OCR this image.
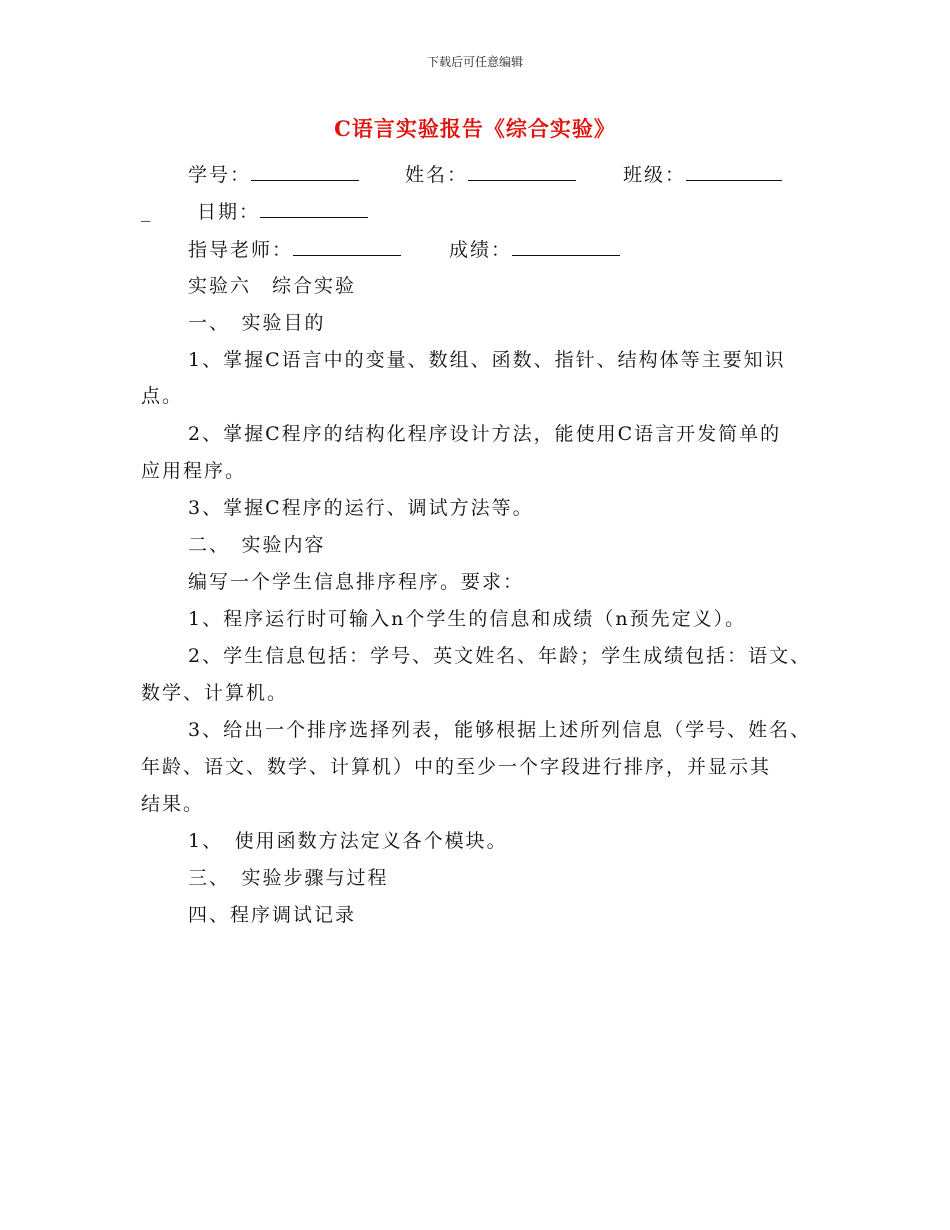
下载后可任意编辑
C语言实验报告《综合实验》
学号：	姓名：	班级：
_ 日期：
指导老师：	成绩：
实验六　综合实验
一、　实验目的
1、掌握C语言中的变量、数组、函数、指针、结构体等主要知识
点。
2、掌握C程序的结构化程序设计方法，能使用C语言开发简单的
应用程序。
3、掌握C程序的运行、调试方法等。
二、　实验内容
编写一个学生信息排序程序。要求：
1、程序运行时可输入n个学生的信息和成绩（n预先定义）。
2、学生信息包括：学号、英文姓名、年龄；学生成绩包括：语文、
数学、计算机。
3、给出一个排序选择列表，能够根据上述所列信息（学号、姓名、
年龄、语文、数学、计算机）中的至少一个字段进行排序，并显示其
结果。
1、　使用函数方法定义各个模块。
三、　实验步骤与过程
四、程序调试记录
